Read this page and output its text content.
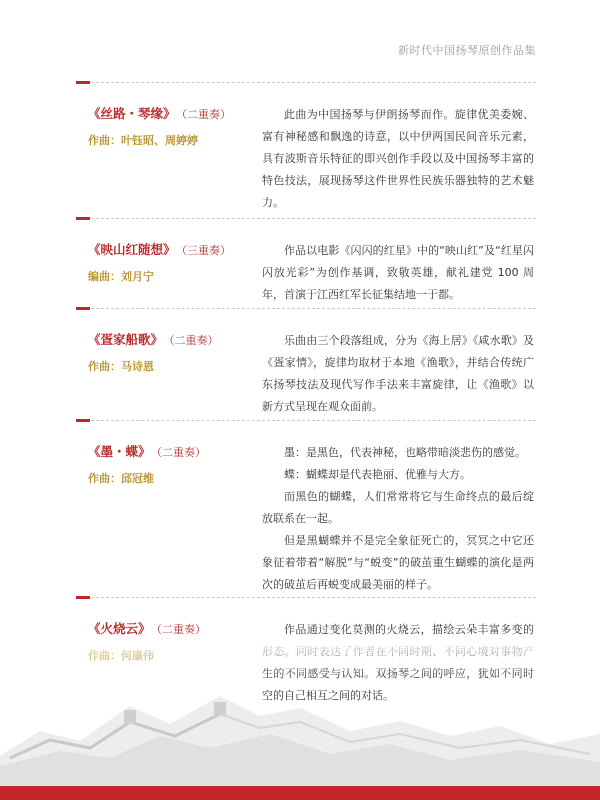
新时代中国扬琴原创作品集
《丝路・琴缘》 （二重奏）
作曲：叶钰昭、周婷婷

此曲为中国扬琴与伊朗扬琴而作。旋律优美委婉、富有神秘感和飘逸的诗意，以中伊两国民间音乐元素，具有波斯音乐特征的即兴创作手段以及中国扬琴丰富的特色技法，展现扬琴这件世界性民族乐器独特的艺术魅力。

《映山红随想》 （三重奏）
编曲：刘月宁

作品以电影《闪闪的红星》中的“映山红”及“红星闪闪放光彩”为创作基调，致敬英雄，献礼建党 100 周年，首演于江西红军长征集结地一于都。

《疍家船歌》 （二重奏）
作曲：马诗恩

乐曲由三个段落组成，分为《海上居》《咸水歌》及《疍家情》，旋律均取材于本地《渔歌》，并结合传统广东扬琴技法及现代写作手法来丰富旋律，让《渔歌》以新方式呈现在观众面前。

《墨・蝶》 （二重奏）
作曲：邱冠维

墨：是黑色，代表神秘，也略带暗淡悲伤的感觉。

蝶：蝴蝶却是代表艳丽、优雅与大方。

而黑色的蝴蝶，人们常常将它与生命终点的最后绽放联系在一起。

但是黑蝴蝶并不是完全象征死亡的，冥冥之中它还象征着带着“解脱”与“蜕变”的破茧重生蝴蝶的演化是两次的破茧后再蜕变成最美丽的样子。

《火烧云》 （二重奏）	作品通过变化莫测的火烧云，描绘云朵丰富多变的 空的自己相互之间的对话。
